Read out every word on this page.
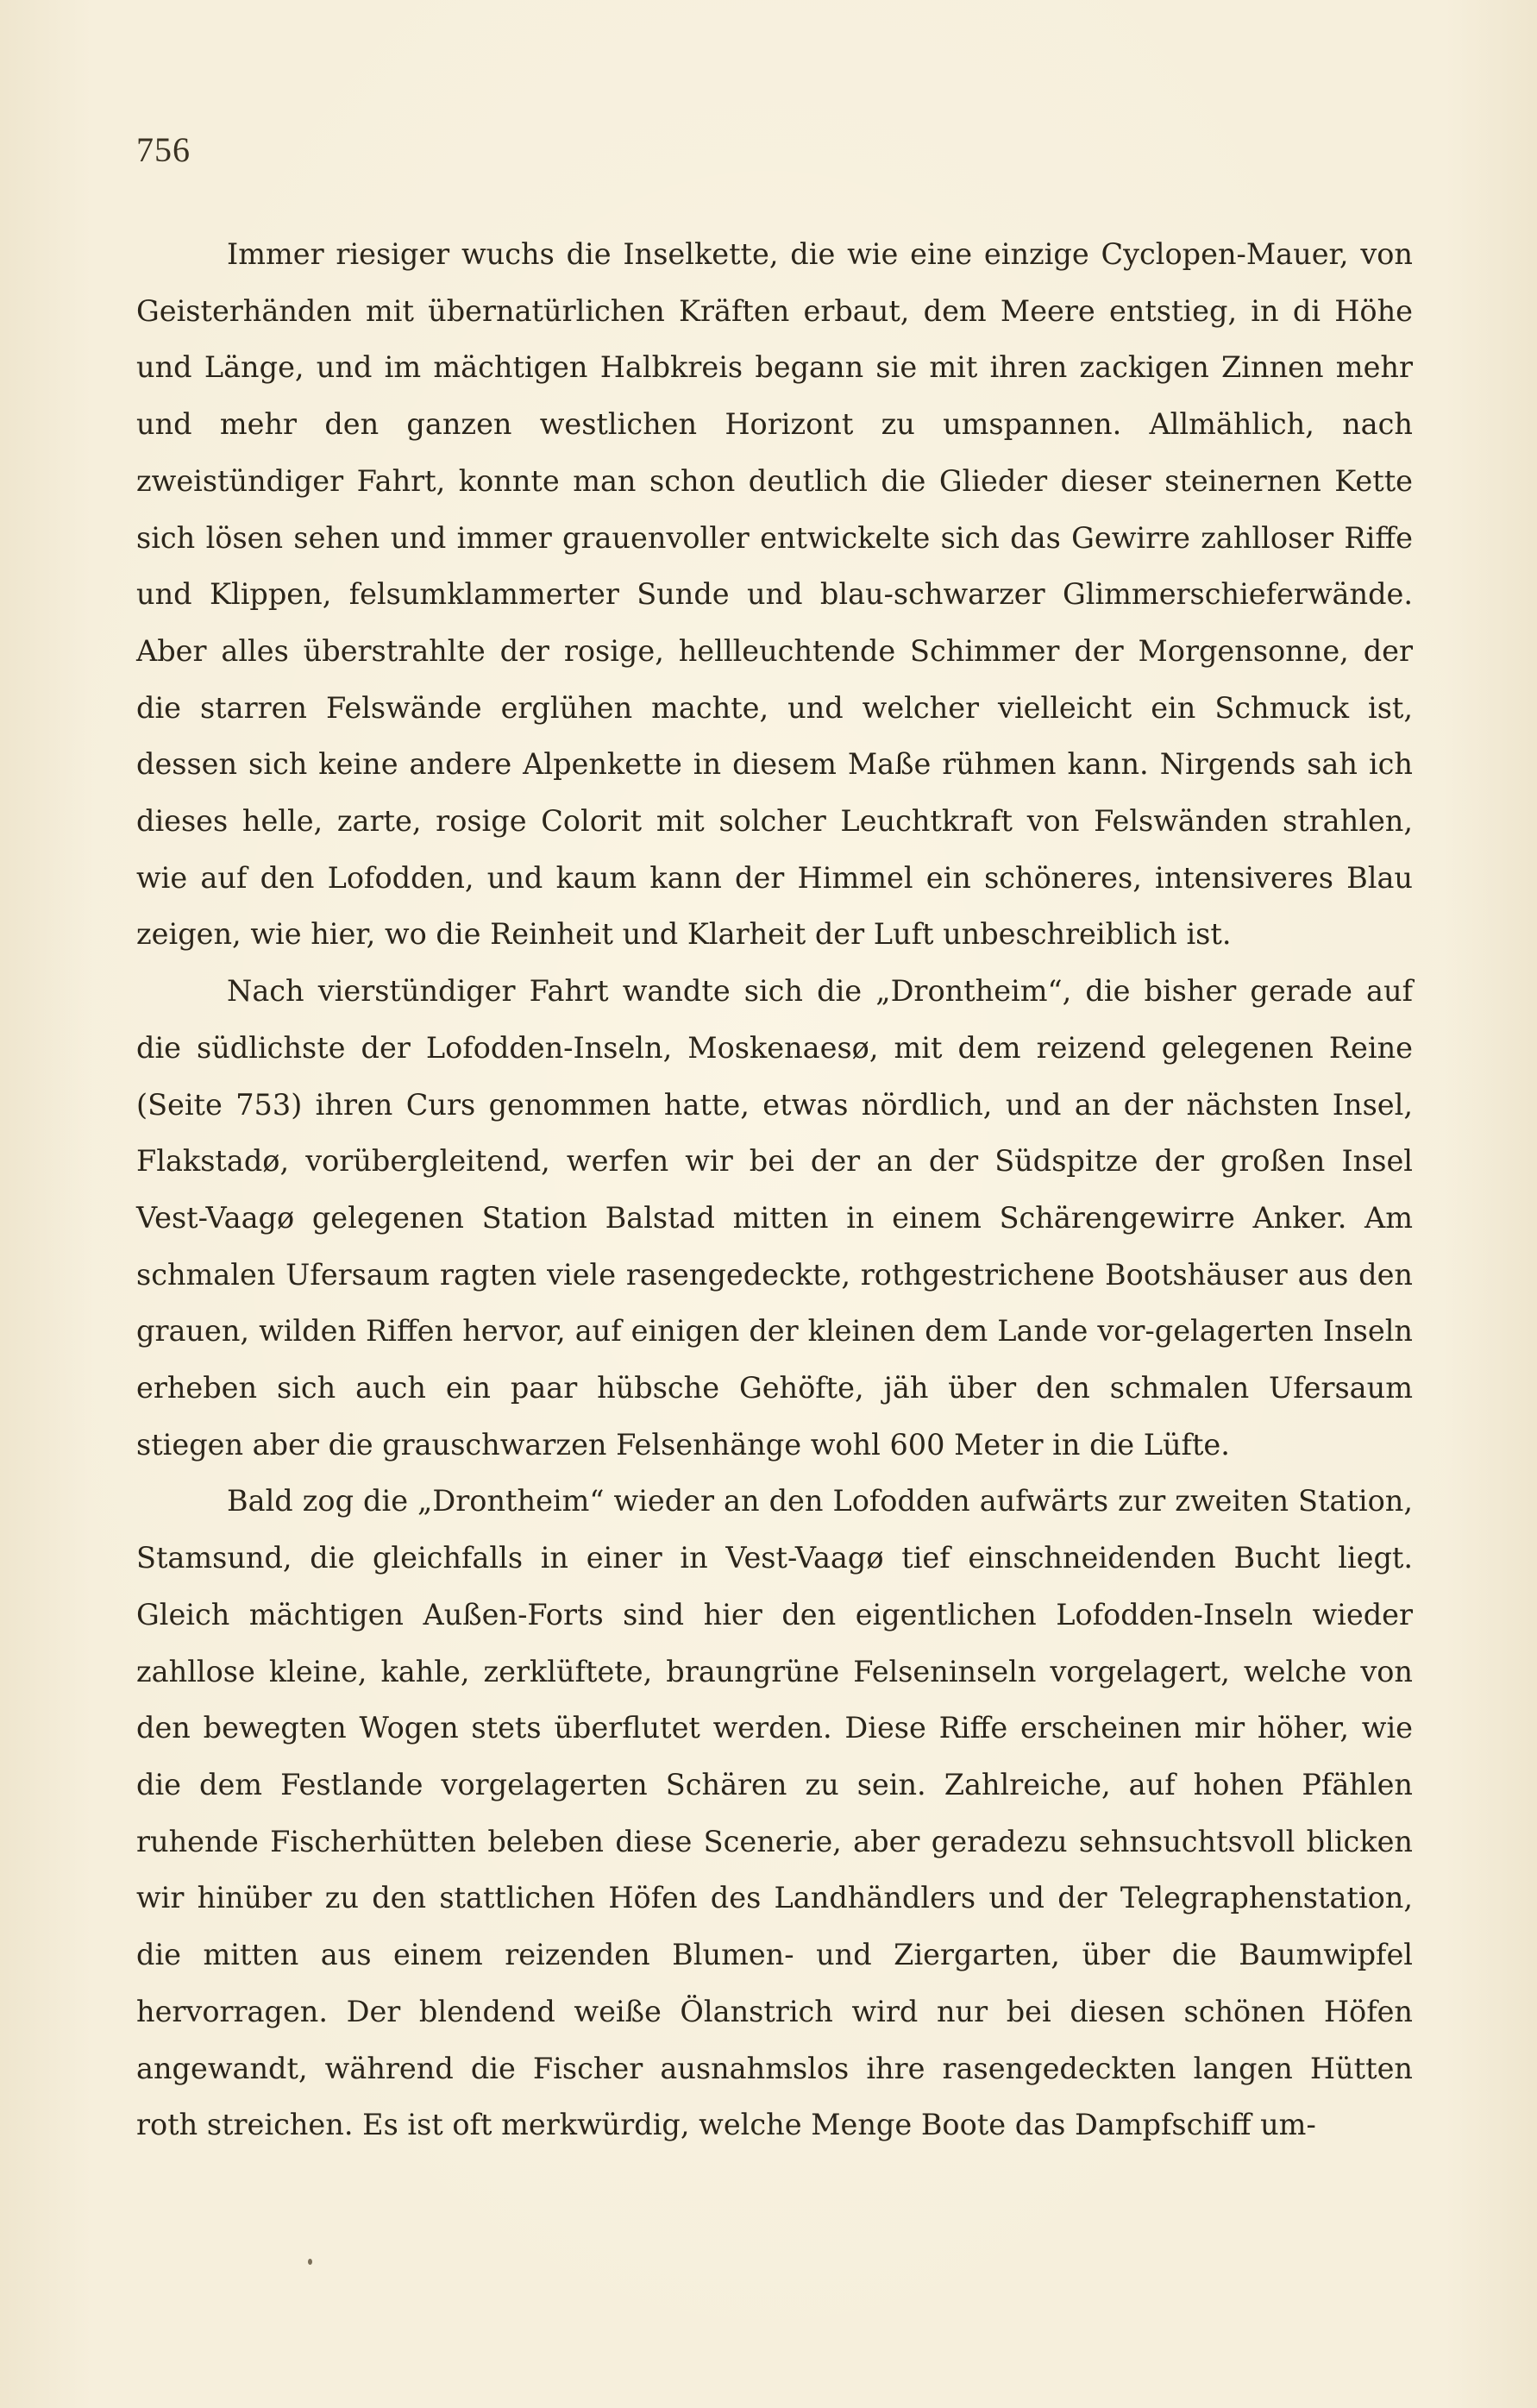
756

Immer riesiger wuchs die Inselkette, die wie eine einzige Cyclopen-Mauer, von Geisterhänden mit übernatürlichen Kräften erbaut, dem Meere entstieg, in di Höhe und Länge, und im mächtigen Halbkreis begann sie mit ihren zackigen Zinnen mehr und mehr den ganzen westlichen Horizont zu umspannen. Allmählich, nach zweistündiger Fahrt, konnte man schon deutlich die Glieder dieser steinernen Kette sich lösen sehen und immer grauenvoller entwickelte sich das Gewirre zahlloser Riffe und Klippen, felsumklammerter Sunde und blau-schwarzer Glimmerschieferwände. Aber alles überstrahlte der rosige, hellleuchtende Schimmer der Morgensonne, der die starren Felswände erglühen machte, und welcher vielleicht ein Schmuck ist, dessen sich keine andere Alpenkette in diesem Maße rühmen kann. Nirgends sah ich dieses helle, zarte, rosige Colorit mit solcher Leuchtkraft von Felswänden strahlen, wie auf den Lofodden, und kaum kann der Himmel ein schöneres, intensiveres Blau zeigen, wie hier, wo die Reinheit und Klarheit der Luft unbeschreiblich ist.

Nach vierstündiger Fahrt wandte sich die „Drontheim“, die bisher gerade auf die südlichste der Lofodden-Inseln, Moskenaesø, mit dem reizend gelegenen Reine (Seite 753) ihren Curs genommen hatte, etwas nördlich, und an der nächsten Insel, Flakstadø, vorübergleitend, werfen wir bei der an der Südspitze der großen Insel Vest-Vaagø gelegenen Station Balstad mitten in einem Schärengewirre Anker. Am schmalen Ufersaum ragten viele rasengedeckte, rothgestrichene Bootshäuser aus den grauen, wilden Riffen hervor, auf einigen der kleinen dem Lande vor-gelagerten Inseln erheben sich auch ein paar hübsche Gehöfte, jäh über den schmalen Ufersaum stiegen aber die grauschwarzen Felsenhänge wohl 600 Meter in die Lüfte.

Bald zog die „Drontheim“ wieder an den Lofodden aufwärts zur zweiten Station, Stamsund, die gleichfalls in einer in Vest-Vaagø tief einschneidenden Bucht liegt. Gleich mächtigen Außen-Forts sind hier den eigentlichen Lofodden-Inseln wieder zahllose kleine, kahle, zerklüftete, braungrüne Felseninseln vorgelagert, welche von den bewegten Wogen stets überflutet werden. Diese Riffe erscheinen mir höher, wie die dem Festlande vorgelagerten Schären zu sein. Zahlreiche, auf hohen Pfählen ruhende Fischerhütten beleben diese Scenerie, aber geradezu sehnsuchtsvoll blicken wir hinüber zu den stattlichen Höfen des Landhändlers und der Telegraphenstation, die mitten aus einem reizenden Blumen- und Ziergarten, über die Baumwipfel hervorragen. Der blendend weiße Ölanstrich wird nur bei diesen schönen Höfen angewandt, während die Fischer ausnahmslos ihre rasengedeckten langen Hütten roth streichen. Es ist oft merkwürdig, welche Menge Boote das Dampfschiff um-
